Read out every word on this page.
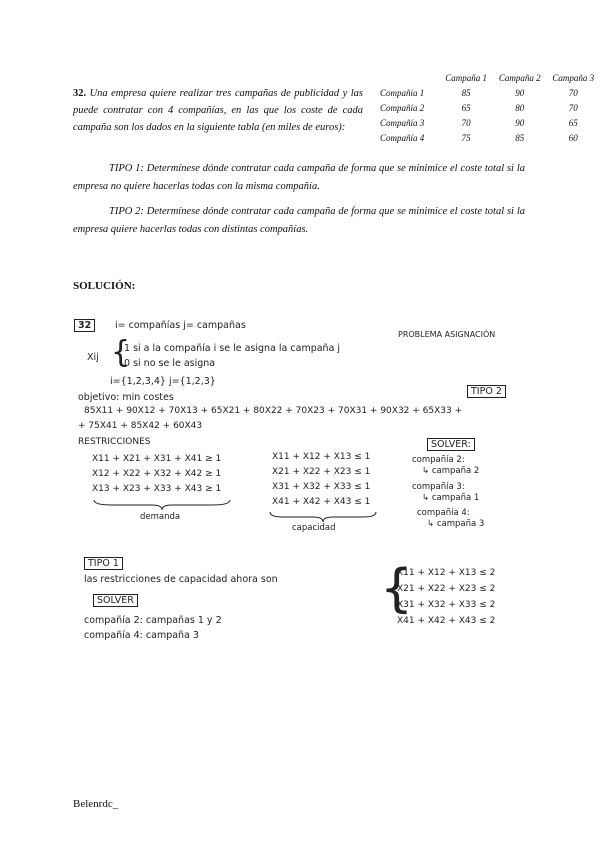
32. Una empresa quiere realizar tres campañas de publicidad y las puede contratar con 4 compañías, en las que los coste de cada campaña son los dados en la siguiente tabla (en miles de euros):
	Campaña 1	Campaña 2	Campaña 3
Compañía 1	85	90	70
Compañía 2	65	80	70
Compañía 3	70	90	65
Compañía 4	75	85	60
TIPO 1: Determínese dónde contratar cada campaña de forma que se minimice el coste total si la empresa no quiere hacerlas todas con la misma compañía.
TIPO 2: Determínese dónde contratar cada campaña de forma que se minimice el coste total si la empresa quiere hacerlas todas con distintas compañías.
SOLUCIÓN:
32	i= compañías j= campañas
PROBLEMA ASIGNACIÓN
Xij {
1 si a la compañía i se le asigna la campaña j
0 si no se le asigna
i={1,2,3,4} j={1,2,3}
TIPO 2
objetivo: min costes
85X11 + 90X12 + 70X13 + 65X21 + 80X22 + 70X23 + 70X31 + 90X32 + 65X33 +
+ 75X41 + 85X42 + 60X43
RESTRICCIONES
X11 + X21 + X31 + X41 ≥ 1
X12 + X22 + X32 + X42 ≥ 1
X13 + X23 + X33 + X43 ≥ 1
demanda
X11 + X12 + X13 ≤ 1
X21 + X22 + X23 ≤ 1
X31 + X32 + X33 ≤ 1
X41 + X42 + X43 ≤ 1
capacidad
SOLVER:
compañía 2:
↳ campaña 2
compañía 3:
↳ campaña 1
compañía 4:
↳ campaña 3
TIPO 1
las restricciones de capacidad ahora son {
X11 + X12 + X13 ≤ 2
X21 + X22 + X23 ≤ 2
X31 + X32 + X33 ≤ 2
X41 + X42 + X43 ≤ 2
SOLVER
compañía 2: campañas 1 y 2
compañía 4: campaña 3
Belenrdc_
